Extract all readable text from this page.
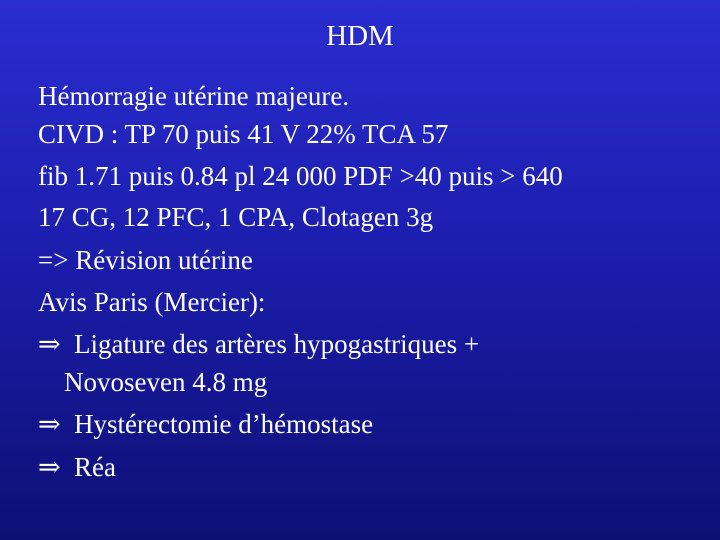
HDM
Hémorragie utérine majeure.
CIVD : TP 70 puis 41 V 22% TCA 57
fib 1.71 puis 0.84 pl 24 000 PDF >40 puis > 640
17 CG, 12 PFC, 1 CPA, Clotagen 3g
=> Révision utérine
Avis Paris (Mercier):
⇒ Ligature des artères hypogastriques +
Novoseven 4.8 mg
⇒ Hystérectomie d’hémostase
⇒ Réa
